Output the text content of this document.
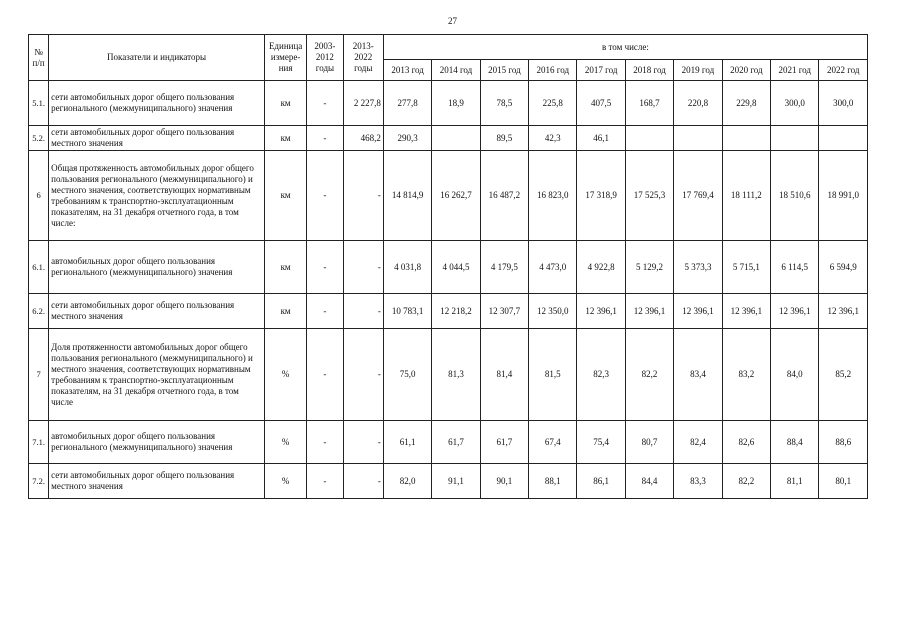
27
№ п/п	Показатели и индикаторы	Единица измере-ния	2003-2012 годы	2013-2022 годы	в том числе:									
					2013 год	2014 год	2015 год	2016 год	2017 год	2018 год	2019 год	2020 год	2021 год	2022 год
5.1.	сети автомобильных дорог общего пользования регионального (межмуниципального) значения	км	-	2 227,8	277,8	18,9	78,5	225,8	407,5	168,7	220,8	229,8	300,0	300,0
5.2.	сети автомобильных дорог общего пользования местного значения	км	-	468,2	290,3		89,5	42,3	46,1					
6	Общая протяженность автомобильных дорог общего пользования регионального (межмуниципального) и местного значения, соответствующих нормативным требованиям к транспортно-эксплуатационным показателям, на 31 декабря отчетного года, в том числе:	км	-	-	14 814,9	16 262,7	16 487,2	16 823,0	17 318,9	17 525,3	17 769,4	18 111,2	18 510,6	18 991,0
6.1.	автомобильных дорог общего пользования регионального (межмуниципального) значения	км	-	-	4 031,8	4 044,5	4 179,5	4 473,0	4 922,8	5 129,2	5 373,3	5 715,1	6 114,5	6 594,9
6.2.	сети автомобильных дорог общего пользования местного значения	км	-	-	10 783,1	12 218,2	12 307,7	12 350,0	12 396,1	12 396,1	12 396,1	12 396,1	12 396,1	12 396,1
7	Доля протяженности автомобильных дорог общего пользования регионального (межмуниципального) и местного значения, соответствующих нормативным требованиям к транспортно-эксплуатационным показателям, на 31 декабря отчетного года, в том числе	%	-	-	75,0	81,3	81,4	81,5	82,3	82,2	83,4	83,2	84,0	85,2
7.1.	автомобильных дорог общего пользования регионального (межмуниципального) значения	%	-	-	61,1	61,7	61,7	67,4	75,4	80,7	82,4	82,6	88,4	88,6
7.2.	сети автомобильных дорог общего пользования местного значения	%	-	-	82,0	91,1	90,1	88,1	86,1	84,4	83,3	82,2	81,1	80,1
